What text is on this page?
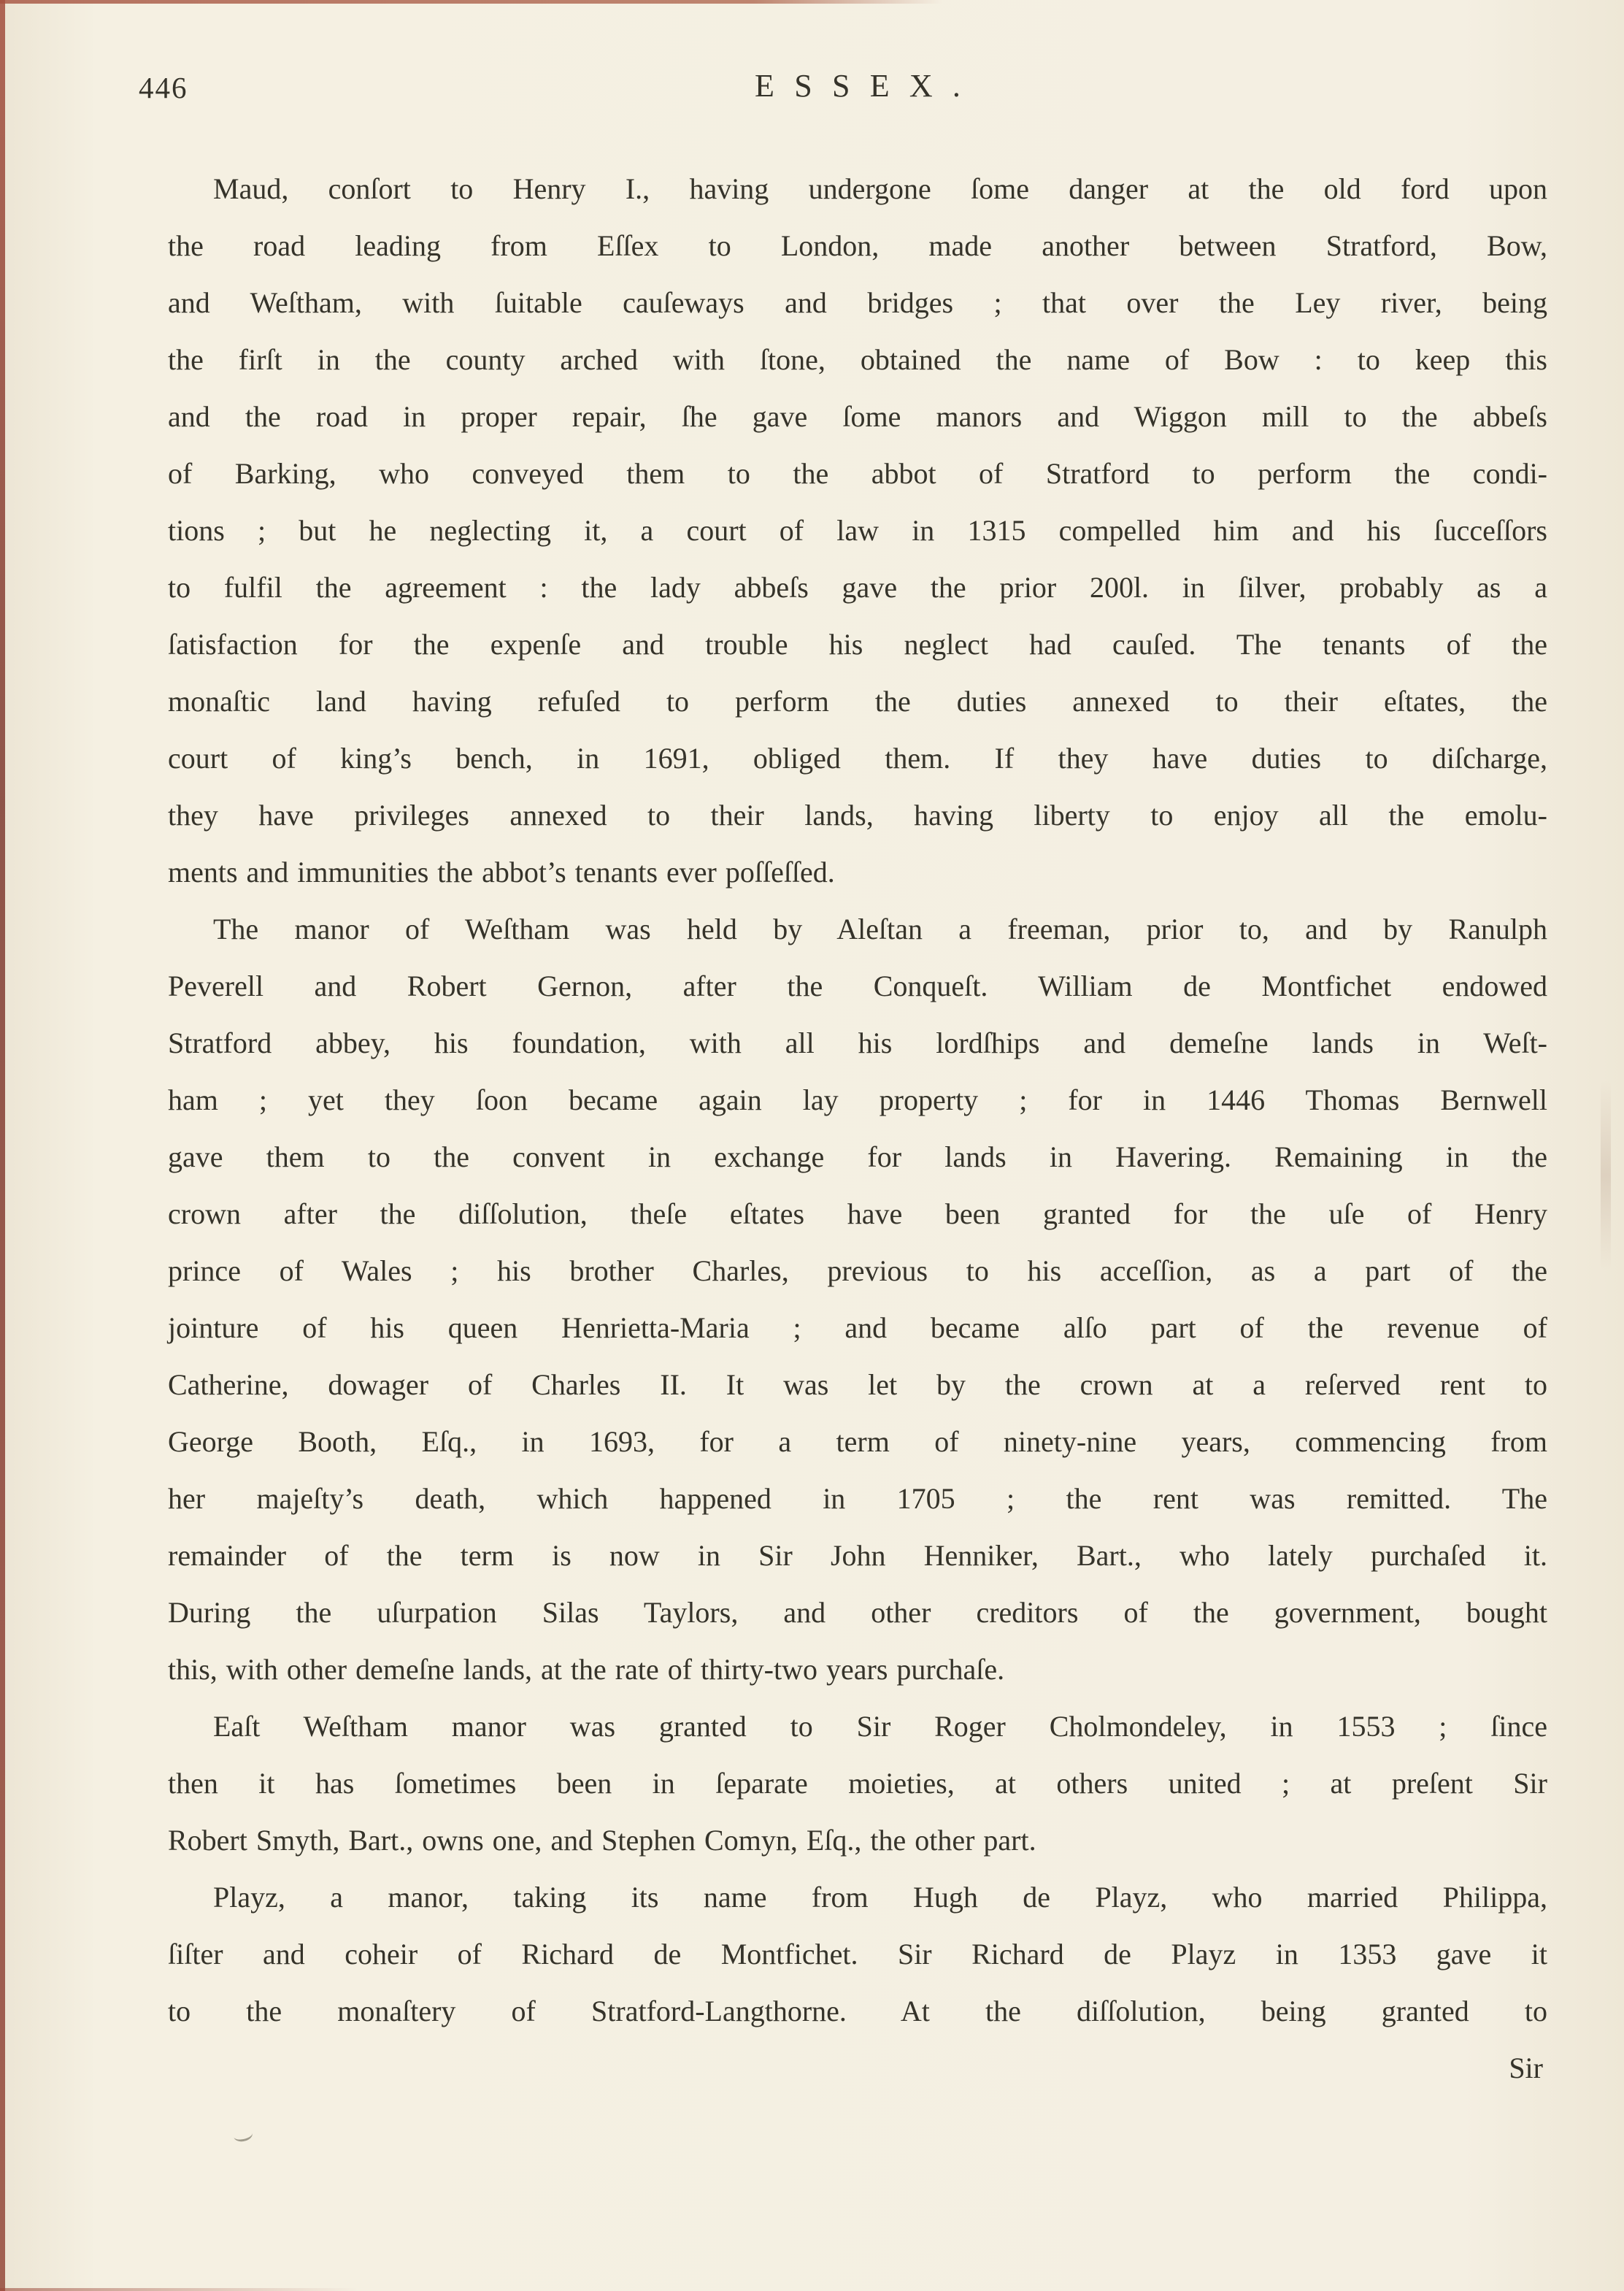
446	ESSEX.
Maud, conſort to Henry I., having undergone ſome danger at the old ford upon
the road leading from Eſſex to London, made another between Stratford, Bow,
and Weſtham, with ſuitable cauſeways and bridges ; that over the Ley river, being
the firſt in the county arched with ſtone, obtained the name of Bow : to keep this
and the road in proper repair, ſhe gave ſome manors and Wiggon mill to the abbeſs
of Barking, who conveyed them to the abbot of Stratford to perform the condi-
tions ; but he neglecting it, a court of law in 1315 compelled him and his ſucceſſors
to fulfil the agreement : the lady abbeſs gave the prior 200l. in ſilver, probably as a
ſatisfaction for the expenſe and trouble his neglect had cauſed. The tenants of the
monaſtic land having refuſed to perform the duties annexed to their eſtates, the
court of king’s bench, in 1691, obliged them. If they have duties to diſcharge,
they have privileges annexed to their lands, having liberty to enjoy all the emolu-
ments and immunities the abbot’s tenants ever poſſeſſed.
The manor of Weſtham was held by Aleſtan a freeman, prior to, and by Ranulph
Peverell and Robert Gernon, after the Conqueſt. William de Montfichet endowed
Stratford abbey, his foundation, with all his lordſhips and demeſne lands in Weſt-
ham ; yet they ſoon became again lay property ; for in 1446 Thomas Bernwell
gave them to the convent in exchange for lands in Havering. Remaining in the
crown after the diſſolution, theſe eſtates have been granted for the uſe of Henry
prince of Wales ; his brother Charles, previous to his acceſſion, as a part of the
jointure of his queen Henrietta-Maria ; and became alſo part of the revenue of
Catherine, dowager of Charles II. It was let by the crown at a reſerved rent to
George Booth, Eſq., in 1693, for a term of ninety-nine years, commencing from
her majeſty’s death, which happened in 1705 ; the rent was remitted. The
remainder of the term is now in Sir John Henniker, Bart., who lately purchaſed it.
During the uſurpation Silas Taylors, and other creditors of the government, bought
this, with other demeſne lands, at the rate of thirty-two years purchaſe.
Eaſt Weſtham manor was granted to Sir Roger Cholmondeley, in 1553 ; ſince
then it has ſometimes been in ſeparate moieties, at others united ; at preſent Sir
Robert Smyth, Bart., owns one, and Stephen Comyn, Eſq., the other part.
Playz, a manor, taking its name from Hugh de Playz, who married Philippa,
ſiſter and coheir of Richard de Montfichet. Sir Richard de Playz in 1353 gave it
to the monaſtery of Stratford-Langthorne. At the diſſolution, being granted to
Sir
